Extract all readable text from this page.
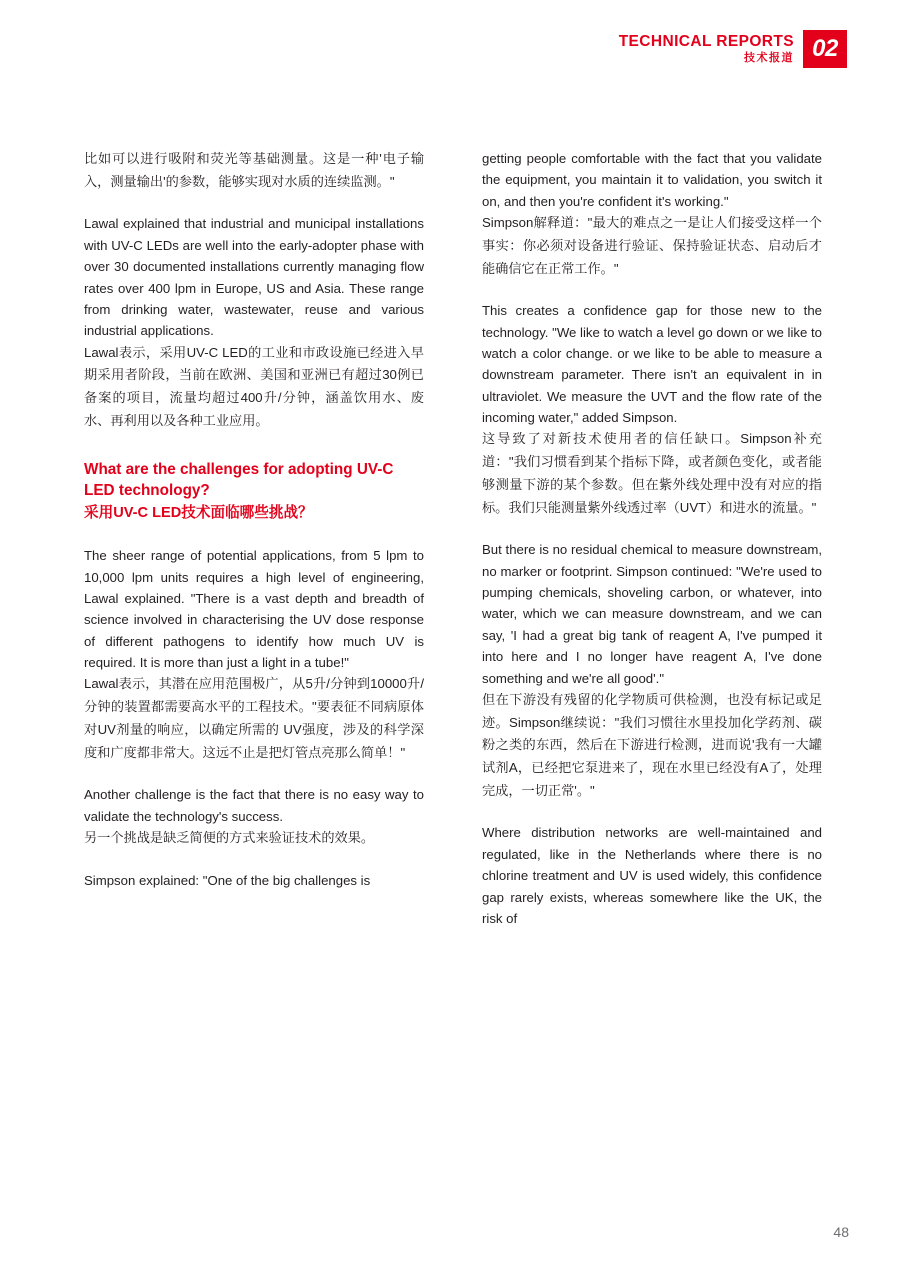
TECHNICAL REPORTS
技术报道 02

比如可以进行吸附和荧光等基础测量。这是一种'电子输入，测量输出'的参数，能够实现对水质的连续监测。"

Lawal explained that industrial and municipal installations with UV-C LEDs are well into the early-adopter phase with over 30 documented installations currently managing flow rates over 400 lpm in Europe, US and Asia. These range from drinking water, wastewater, reuse and various industrial applications.

Lawal表示，采用UV-C LED的工业和市政设施已经进入早期采用者阶段，当前在欧洲、美国和亚洲已有超过30例已备案的项目，流量均超过400升/分钟，涵盖饮用水、废水、再利用以及各种工业应用。

What are the challenges for adopting UV-C LED technology?
采用UV-C LED技术面临哪些挑战？

The sheer range of potential applications, from 5 lpm to 10,000 lpm units requires a high level of engineering, Lawal explained. "There is a vast depth and breadth of science involved in characterising the UV dose response of different pathogens to identify how much UV is required. It is more than just a light in a tube!"

Lawal表示，其潜在应用范围极广，从5升/分钟到10000升/分钟的装置都需要高水平的工程技术。"要表征不同病原体对UV剂量的响应，以确定所需的 UV强度，涉及的科学深度和广度都非常大。这远不止是把灯管点亮那么简单！"

Another challenge is the fact that there is no easy way to validate the technology's success.

另一个挑战是缺乏简便的方式来验证技术的效果。

Simpson explained: "One of the big challenges is

getting people comfortable with the fact that you validate the equipment, you maintain it to validation, you switch it on, and then you're confident it's working."

Simpson解释道："最大的难点之一是让人们接受这样一个事实：你必须对设备进行验证、保持验证状态、启动后才能确信它在正常工作。"

This creates a confidence gap for those new to the technology. "We like to watch a level go down or we like to watch a color change. or we like to be able to measure a downstream parameter. There isn't an equivalent in in ultraviolet. We measure the UVT and the flow rate of the incoming water," added Simpson.

这导致了对新技术使用者的信任缺口。Simpson补充道："我们习惯看到某个指标下降，或者颜色变化，或者能够测量下游的某个参数。但在紫外线处理中没有对应的指标。我们只能测量紫外线透过率（UVT）和进水的流量。"

But there is no residual chemical to measure downstream, no marker or footprint. Simpson continued: "We're used to pumping chemicals, shoveling carbon, or whatever, into water, which we can measure downstream, and we can say, 'I had a great big tank of reagent A, I've pumped it into here and I no longer have reagent A, I've done something and we're all good'."

但在下游没有残留的化学物质可供检测，也没有标记或足迹。Simpson继续说："我们习惯往水里投加化学药剂、碳粉之类的东西，然后在下游进行检测，进而说'我有一大罐试剂A，已经把它泵进来了，现在水里已经没有A了，处理完成，一切正常'。"

Where distribution networks are well-maintained and regulated, like in the Netherlands where there is no chlorine treatment and UV is used widely, this confidence gap rarely exists, whereas somewhere like the UK, the risk of

48
